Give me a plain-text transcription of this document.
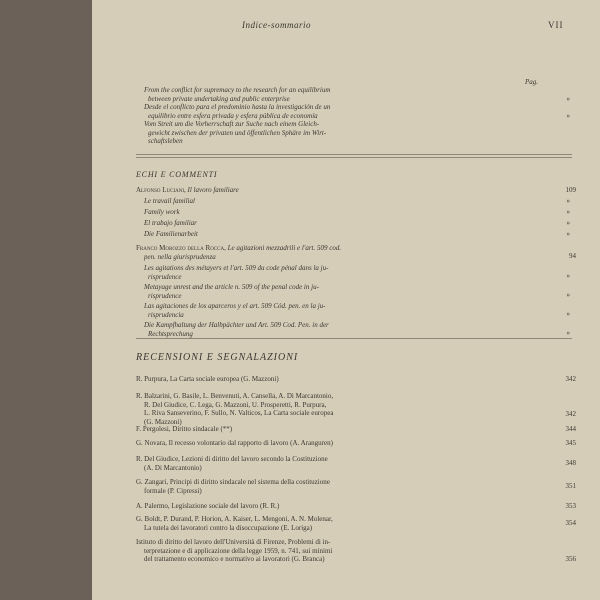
Indice-sommario	VII
Pag.
From the conflict for supremacy to the research for an equilibrium
between private undertaking and public enterprise	»
Desde el conflicto para el predominio hasta la investigación de un
equilibrio entre esfera privada y esfera pública de economía	»
Vom Streit um die Vorherrschaft zur Suche nach einem Gleich-
gewicht zwischen der privaten und öffentlichen Sphäre im Wirt-
schaftsleben
ECHI E COMMENTI
Alfonso Luciani, Il lavoro familiare	109
Le travail familial	»
Family work	»
El trabajo familiar	»
Die Familienarbeit	»
Franco Morozzo della Rocca, Le agitazioni mezzadrili e l'art. 509 cod.
pen. nella giurisprudenza	94
Les agitations des métayers et l'art. 509 du code pénal dans la ju-
risprudence	»
Metayage unrest and the article n. 509 of the penal code in ju-
risprudence	»
Las agitaciones de los aparceros y el art. 509 Cód. pen. en la ju-
risprudencia	»
Die Kampfhaltung der Halbpächter und Art. 509 Cod. Pen. in der
Rechtsprechung	»
RECENSIONI E SEGNALAZIONI
R. Purpura, La Carta sociale europea (G. Mazzoni)	342
R. Balzarini, G. Basile, L. Benvenuti, A. Cansella, A. Di Marcantonio,
R. Del Giudice, C. Lega, G. Mazzoni, U. Prosperetti, R. Purpura,
L. Riva Sanseverino, F. Sullo, N. Valticos, La Carta sociale europea
(G. Mazzoni)
342
F. Pergolesi, Diritto sindacale (**)	344
G. Novara, Il recesso volontario dal rapporto di lavoro (A. Aranguren)	345
R. Del Giudice, Lezioni di diritto del lavoro secondo la Costituzione
(A. Di Marcantonio)
348
G. Zangari, Principi di diritto sindacale nel sistema della costituzione
formale (P. Cipressi)
351
A. Palermo, Legislazione sociale del lavoro (R. R.)	353
G. Boldt, P. Durand, P. Horion, A. Kaiser, L. Mengoni, A. N. Molenar,
La tutela dei lavoratori contro la disoccupazione (E. Loriga)
354
Istituto di diritto del lavoro dell'Università di Firenze, Problemi di in-
terpretazione e di applicazione della legge 1959, n. 741, sui minimi
del trattamento economico e normativo ai lavoratori (G. Branca)	356
